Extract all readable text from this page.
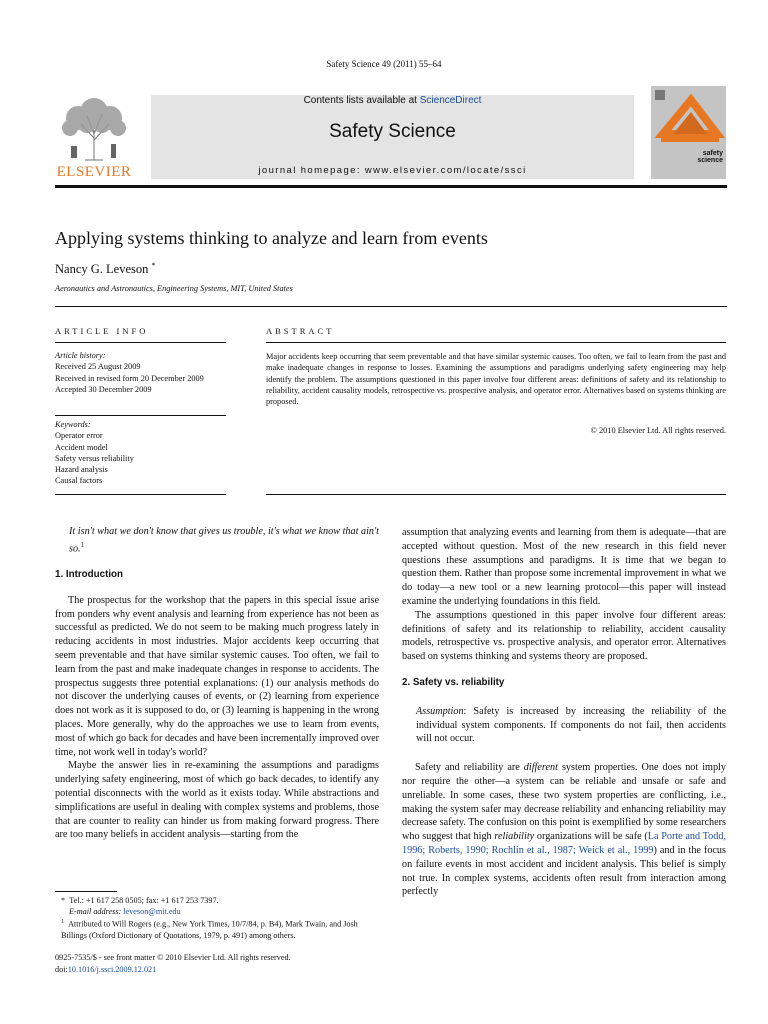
Safety Science 49 (2011) 55–64
ELSEVIER
Contents lists available at ScienceDirect
Safety Science
journal homepage: www.elsevier.com/locate/ssci
safety science
Applying systems thinking to analyze and learn from events
Nancy G. Leveson *
Aeronautics and Astronautics, Engineering Systems, MIT, United States
ARTICLE INFO
Article history:
Received 25 August 2009
Received in revised form 20 December 2009
Accepted 30 December 2009
Keywords:
Operator error
Accident model
Safety versus reliability
Hazard analysis
Causal factors
ABSTRACT
Major accidents keep occurring that seem preventable and that have similar systemic causes. Too often, we fail to learn from the past and make inadequate changes in response to losses. Examining the assumptions and paradigms underlying safety engineering may help identify the problem. The assumptions questioned in this paper involve four different areas: definitions of safety and its relationship to reliability, accident causality models, retrospective vs. prospective analysis, and operator error. Alternatives based on systems thinking are proposed.
© 2010 Elsevier Ltd. All rights reserved.
It isn't what we don't know that gives us trouble, it's what we know that ain't so.$^1$
1. Introduction

The prospectus for the workshop that the papers in this special issue arise from ponders why event analysis and learning from experience has not been as successful as predicted. We do not seem to be making much progress lately in reducing accidents in most industries. Major accidents keep occurring that seem preventable and that have similar systemic causes. Too often, we fail to learn from the past and make inadequate changes in response to accidents. The prospectus suggests three potential explanations: (1) our analysis methods do not discover the underlying causes of events, or (2) learning from experience does not work as it is supposed to do, or (3) learning is happening in the wrong places. More generally, why do the approaches we use to learn from events, most of which go back for decades and have been incrementally improved over time, not work well in today's world?

Maybe the answer lies in re-examining the assumptions and paradigms underlying safety engineering, most of which go back decades, to identify any potential disconnects with the world as it exists today. While abstractions and simplifications are useful in dealing with complex systems and problems, those that are counter to reality can hinder us from making forward progress. There are too many beliefs in accident analysis—starting from the

* Tel.: +1 617 258 0505; fax: +1 617 253 7397.
E-mail address: leveson@mit.edu
$^1$ Attributed to Will Rogers (e.g., New York Times, 10/7/84, p. B4), Mark Twain, and Josh Billings (Oxford Dictionary of Quotations, 1979, p. 491) among others.
0925-7535/$ - see front matter © 2010 Elsevier Ltd. All rights reserved.
doi:10.1016/j.ssci.2009.12.021

assumption that analyzing events and learning from them is adequate—that are accepted without question. Most of the new research in this field never questions these assumptions and paradigms. It is time that we began to question them. Rather than propose some incremental improvement in what we do today—a new tool or a new learning protocol—this paper will instead examine the underlying foundations in this field.

The assumptions questioned in this paper involve four different areas: definitions of safety and its relationship to reliability, accident causality models, retrospective vs. prospective analysis, and operator error. Alternatives based on systems thinking and systems theory are proposed.

2. Safety vs. reliability
Assumption: Safety is increased by increasing the reliability of the individual system components. If components do not fail, then accidents will not occur.

Safety and reliability are different system properties. One does not imply nor require the other—a system can be reliable and unsafe or safe and unreliable. In some cases, these two system properties are conflicting, i.e., making the system safer may decrease reliability and enhancing reliability may decrease safety. The confusion on this point is exemplified by some researchers who suggest that high reliability organizations will be safe (La Porte and Todd, 1996; Roberts, 1990; Rochlin et al., 1987; Weick et al., 1999) and in the focus on failure events in most accident and incident analysis. This belief is simply not true. In complex systems, accidents often result from interaction among perfectly
